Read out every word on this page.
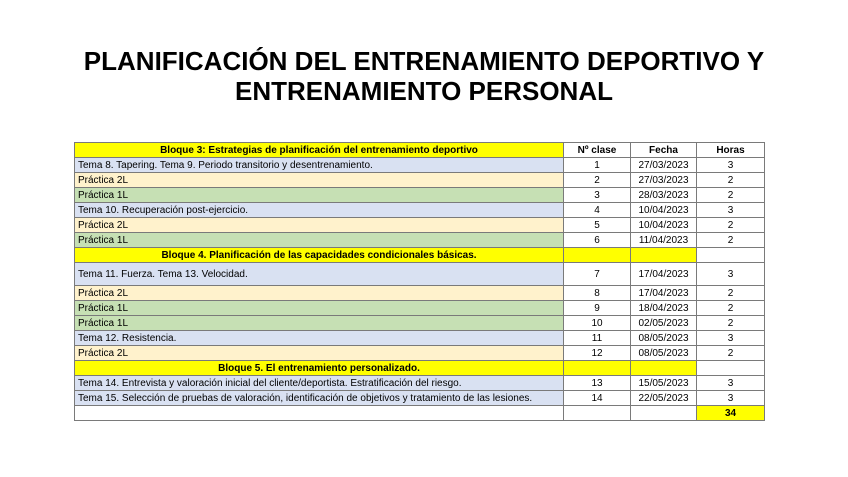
PLANIFICACIÓN DEL ENTRENAMIENTO DEPORTIVO Y
ENTRENAMIENTO PERSONAL
Bloque 3: Estrategias de planificación del entrenamiento deportivo	Nº clase	Fecha	Horas
Tema 8. Tapering. Tema 9. Periodo transitorio y desentrenamiento.	1	27/03/2023	3
Práctica 2L	2	27/03/2023	2
Práctica 1L	3	28/03/2023	2
Tema 10. Recuperación post-ejercicio.	4	10/04/2023	3
Práctica 2L	5	10/04/2023	2
Práctica 1L	6	11/04/2023	2
Bloque 4. Planificación de las capacidades condicionales básicas.			
Tema 11. Fuerza. Tema 13. Velocidad.	7	17/04/2023	3
Práctica 2L	8	17/04/2023	2
Práctica 1L	9	18/04/2023	2
Práctica 1L	10	02/05/2023	2
Tema 12. Resistencia.	11	08/05/2023	3
Práctica 2L	12	08/05/2023	2
Bloque 5. El entrenamiento personalizado.			
Tema 14. Entrevista y valoración inicial del cliente/deportista. Estratificación del riesgo.	13	15/05/2023	3
Tema 15. Selección de pruebas de valoración, identificación de objetivos y tratamiento de las lesiones.	14	22/05/2023	3
			34
